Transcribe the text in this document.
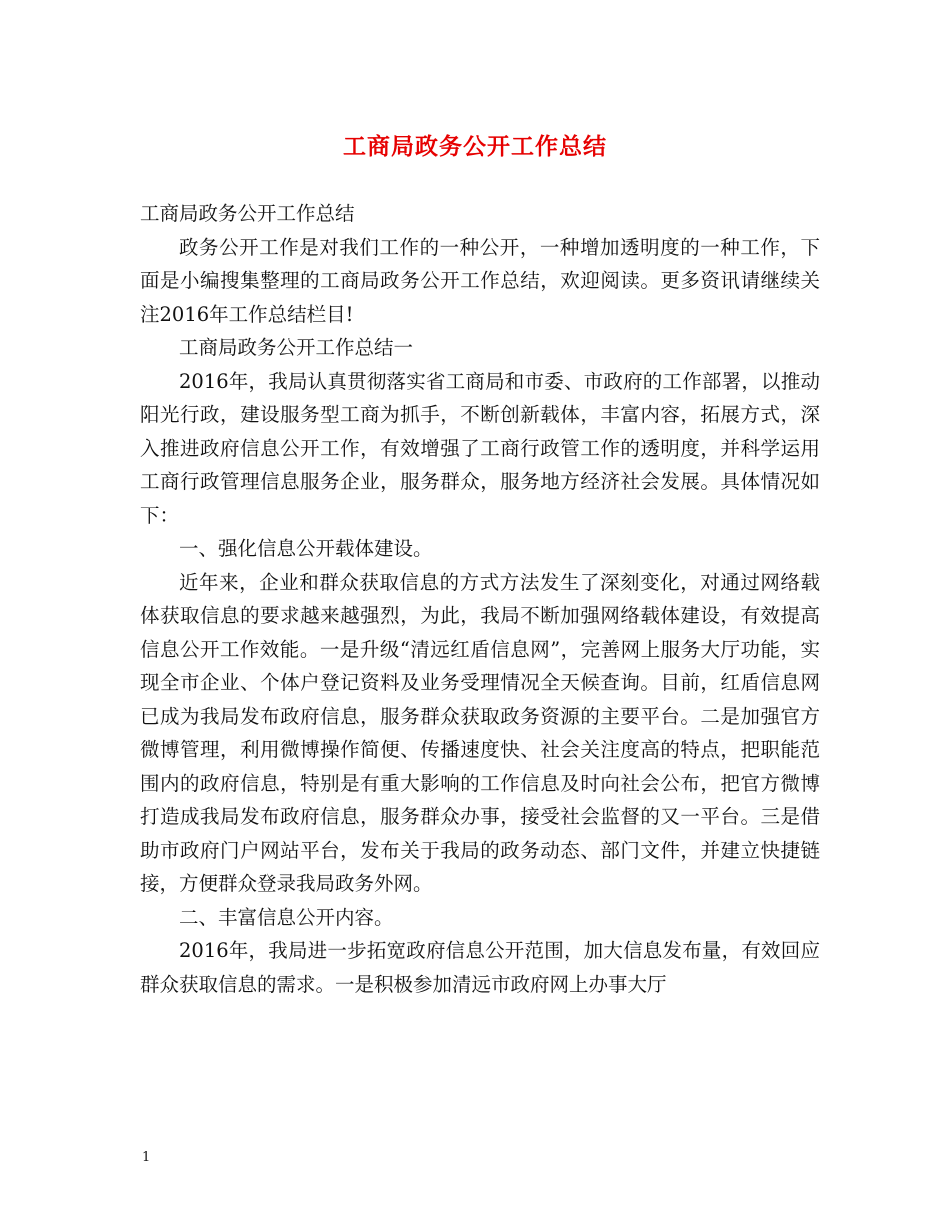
工商局政务公开工作总结

工商局政务公开工作总结

政务公开工作是对我们工作的一种公开，一种增加透明度的一种工作，下面是小编搜集整理的工商局政务公开工作总结，欢迎阅读。更多资讯请继续关注2016年工作总结栏目!

工商局政务公开工作总结一

2016年，我局认真贯彻落实省工商局和市委、市政府的工作部署，以推动阳光行政，建设服务型工商为抓手，不断创新载体，丰富内容，拓展方式，深入推进政府信息公开工作，有效增强了工商行政管工作的透明度，并科学运用工商行政管理信息服务企业，服务群众，服务地方经济社会发展。具体情况如下：

一、强化信息公开载体建设。

近年来，企业和群众获取信息的方式方法发生了深刻变化，对通过网络载体获取信息的要求越来越强烈，为此，我局不断加强网络载体建设，有效提高信息公开工作效能。一是升级“清远红盾信息网”，完善网上服务大厅功能，实现全市企业、个体户登记资料及业务受理情况全天候查询。目前，红盾信息网已成为我局发布政府信息，服务群众获取政务资源的主要平台。二是加强官方微博管理，利用微博操作简便、传播速度快、社会关注度高的特点，把职能范围内的政府信息，特别是有重大影响的工作信息及时向社会公布，把官方微博打造成我局发布政府信息，服务群众办事，接受社会监督的又一平台。三是借助市政府门户网站平台，发布关于我局的政务动态、部门文件，并建立快捷链接，方便群众登录我局政务外网。

二、丰富信息公开内容。

2016年，我局进一步拓宽政府信息公开范围，加大信息发布量，有效回应群众获取信息的需求。一是积极参加清远市政府网上办事大厅

1
